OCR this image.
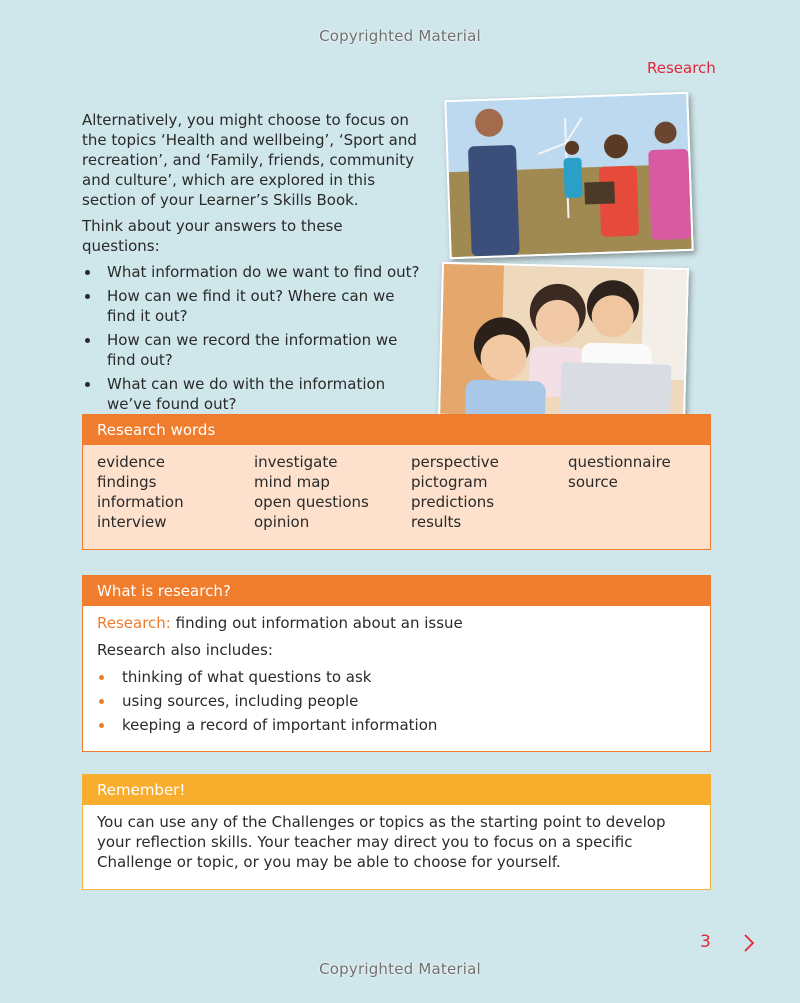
Copyrighted Material
Research

Alternatively, you might choose to focus on the topics ‘Health and wellbeing’, ‘Sport and recreation’, and ‘Family, friends, community and culture’, which are explored in this section of your Learner’s Skills Book.

Think about your answers to these questions:

What information do we want to find out?
How can we find it out? Where can we find it out?
How can we record the information we find out?
What can we do with the information we’ve found out?
Research words
evidence
findings
information
interview
investigate
mind map
open questions
opinion
perspective
pictogram
predictions
results
questionnaire
source
What is research?

Research: finding out information about an issue

Research also includes:

thinking of what questions to ask
using sources, including people
keeping a record of important information
Remember!
You can use any of the Challenges or topics as the starting point to develop your reflection skills. Your teacher may direct you to focus on a specific Challenge or topic, or you may be able to choose for yourself.
3
Copyrighted Material
